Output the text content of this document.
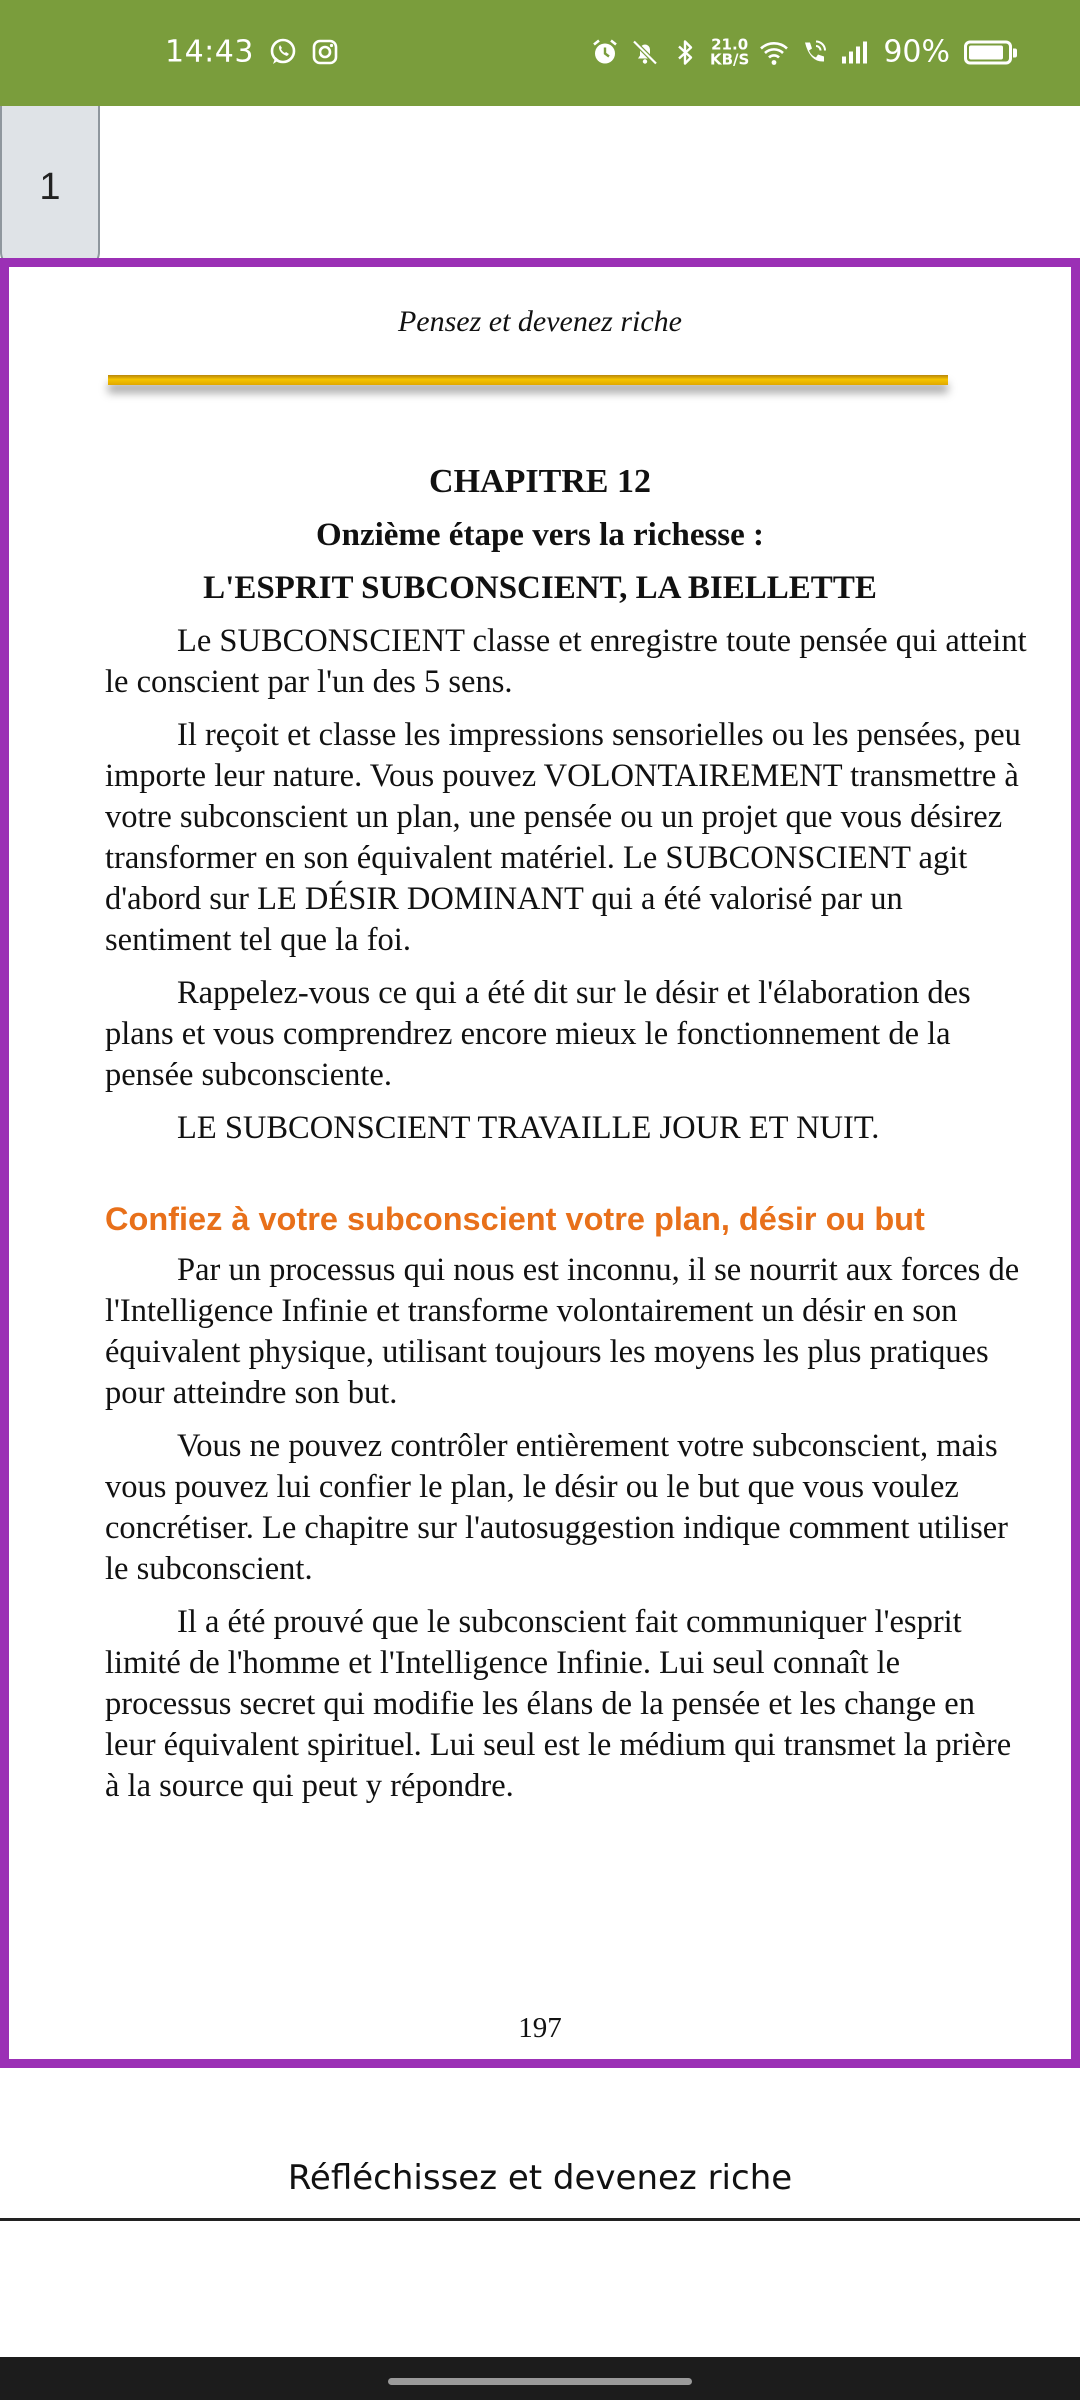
14:43	21.0
KB/S	90%
1
Pensez et devenez riche
CHAPITRE 12
Onzième étape vers la richesse :
L'ESPRIT SUBCONSCIENT, LA BIELLETTE

Le SUBCONSCIENT classe et enregistre toute pensée qui atteint le conscient par l'un des 5 sens.

Il reçoit et classe les impressions sensorielles ou les pensées, peu importe leur nature. Vous pouvez VOLONTAIREMENT transmettre à votre subconscient un plan, une pensée ou un projet que vous désirez transformer en son équivalent matériel. Le SUBCONSCIENT agit d'abord sur LE DÉSIR DOMINANT qui a été valorisé par un sentiment tel que la foi.

Rappelez-vous ce qui a été dit sur le désir et l'élaboration des plans et vous comprendrez encore mieux le fonctionnement de la pensée subconsciente.

LE SUBCONSCIENT TRAVAILLE JOUR ET NUIT.

Confiez à votre subconscient votre plan, désir ou but

Par un processus qui nous est inconnu, il se nourrit aux forces de l'Intelligence Infinie et transforme volontairement un désir en son équivalent physique, utilisant toujours les moyens les plus pratiques pour atteindre son but.

Vous ne pouvez contrôler entièrement votre subconscient, mais vous pouvez lui confier le plan, le désir ou le but que vous voulez concrétiser. Le chapitre sur l'autosuggestion indique comment utiliser le subconscient.

Il a été prouvé que le subconscient fait communiquer l'esprit limité de l'homme et l'Intelligence Infinie. Lui seul connaît le processus secret qui modifie les élans de la pensée et les change en leur équivalent spirituel. Lui seul est le médium qui transmet la prière à la source qui peut y répondre.

197
Réfléchissez et devenez riche
